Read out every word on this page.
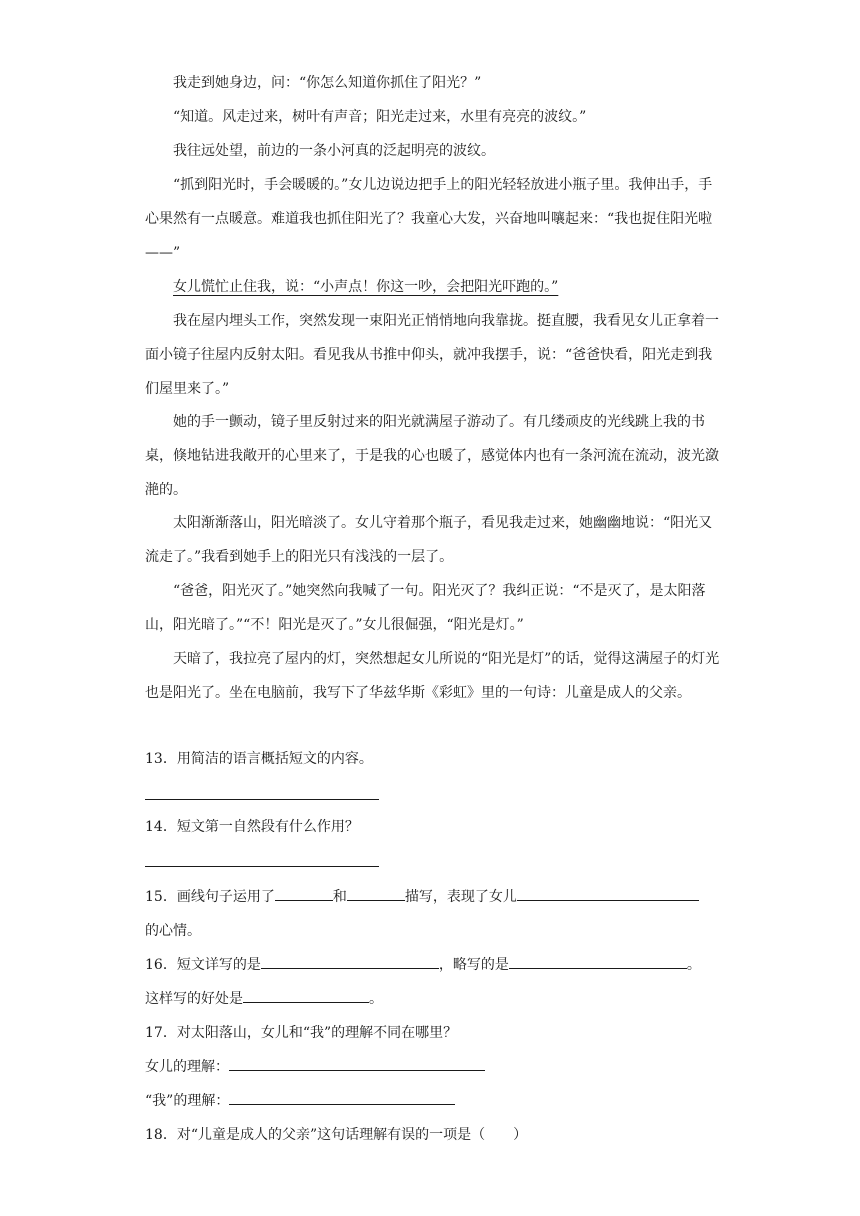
我走到她身边，问：“你怎么知道你抓住了阳光？”

“知道。风走过来，树叶有声音；阳光走过来，水里有亮亮的波纹。”

我往远处望，前边的一条小河真的泛起明亮的波纹。

“抓到阳光时，手会暖暖的。”女儿边说边把手上的阳光轻轻放进小瓶子里。我伸出手，手心果然有一点暖意。难道我也抓住阳光了？我童心大发，兴奋地叫嚷起来：“我也捉住阳光啦——”

女儿慌忙止住我，说：“小声点！你这一吵，会把阳光吓跑的。”

我在屋内埋头工作，突然发现一束阳光正悄悄地向我靠拢。挺直腰，我看见女儿正拿着一面小镜子往屋内反射太阳。看见我从书推中仰头，就冲我摆手，说：“爸爸快看，阳光走到我们屋里来了。”

她的手一颤动，镜子里反射过来的阳光就满屋子游动了。有几缕顽皮的光线跳上我的书桌，倏地钻进我敞开的心里来了，于是我的心也暖了，感觉体内也有一条河流在流动，波光潋滟的。

太阳渐渐落山，阳光暗淡了。女儿守着那个瓶子，看见我走过来，她幽幽地说：“阳光又流走了。”我看到她手上的阳光只有浅浅的一层了。

“爸爸，阳光灭了。”她突然向我喊了一句。阳光灭了？我纠正说：“不是灭了，是太阳落山，阳光暗了。”“不！阳光是灭了。”女儿很倔强，“阳光是灯。”

天暗了，我拉亮了屋内的灯，突然想起女儿所说的“阳光是灯”的话，觉得这满屋子的灯光也是阳光了。坐在电脑前，我写下了华兹华斯《彩虹》里的一句诗：儿童是成人的父亲。

13．用简洁的语言概括短文的内容。

14．短文第一自然段有什么作用？

15．画线句子运用了	和	描写，表现了女儿

的心情。

16．短文详写的是	，略写的是	。

这样写的好处是	。

17．对太阳落山，女儿和“我”的理解不同在哪里？

女儿的理解：

“我”的理解：

18．对“儿童是成人的父亲”这句话理解有误的一项是（　　）
